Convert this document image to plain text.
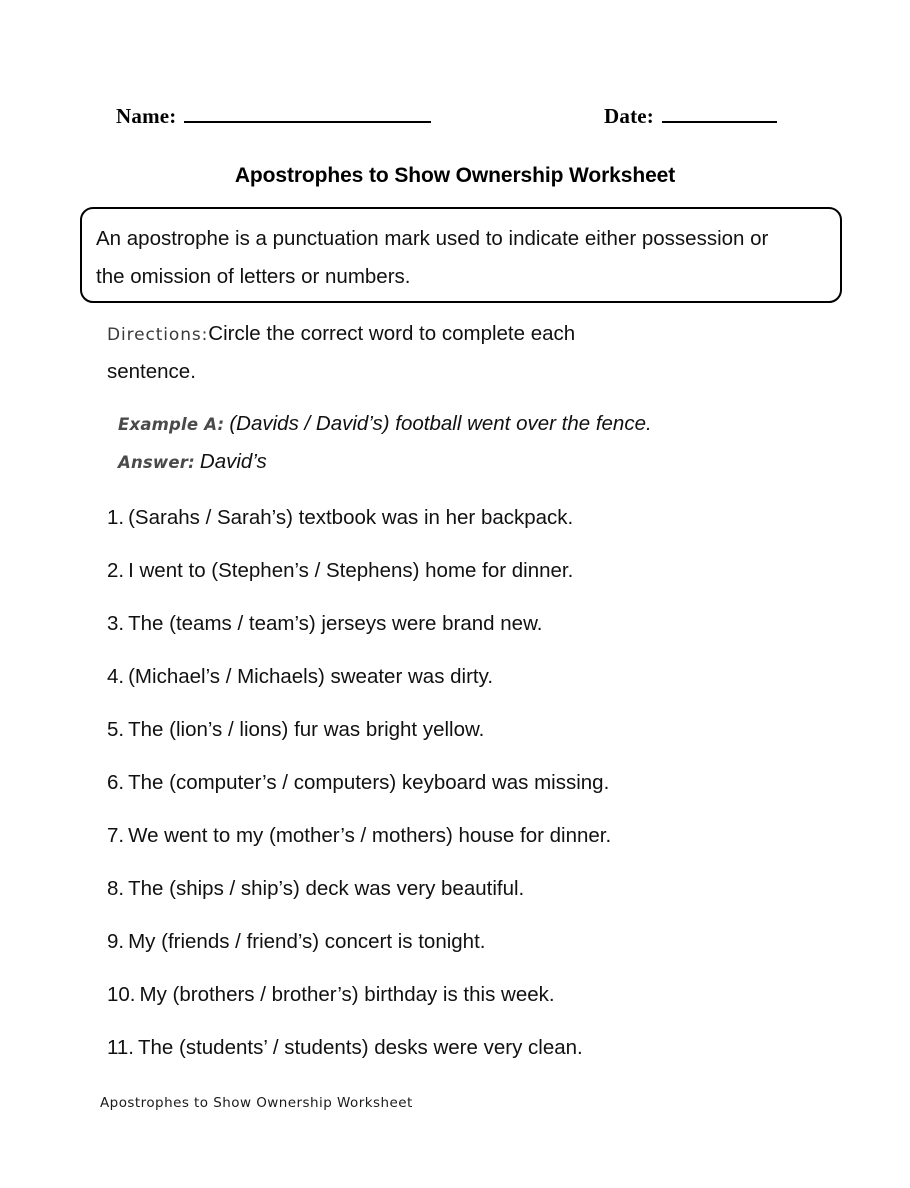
Name:	Date:
Apostrophes to Show Ownership Worksheet
An apostrophe is a punctuation mark used to indicate either possession or the omission of letters or numbers.
Directions:Circle the correct word to complete each
sentence.
Example A: (Davids / David’s) football went over the fence.
Answer: David’s
1. (Sarahs / Sarah’s) textbook was in her backpack.
2. I went to (Stephen’s / Stephens) home for dinner.
3. The (teams / team’s) jerseys were brand new.
4. (Michael’s / Michaels) sweater was dirty.
5. The (lion’s / lions) fur was bright yellow.
6. The (computer’s / computers) keyboard was missing.
7. We went to my (mother’s / mothers) house for dinner.
8. The (ships / ship’s) deck was very beautiful.
9. My (friends / friend’s) concert is tonight.
10. My (brothers / brother’s) birthday is this week.
11. The (students’ / students) desks were very clean.
Apostrophes to Show Ownership Worksheet
